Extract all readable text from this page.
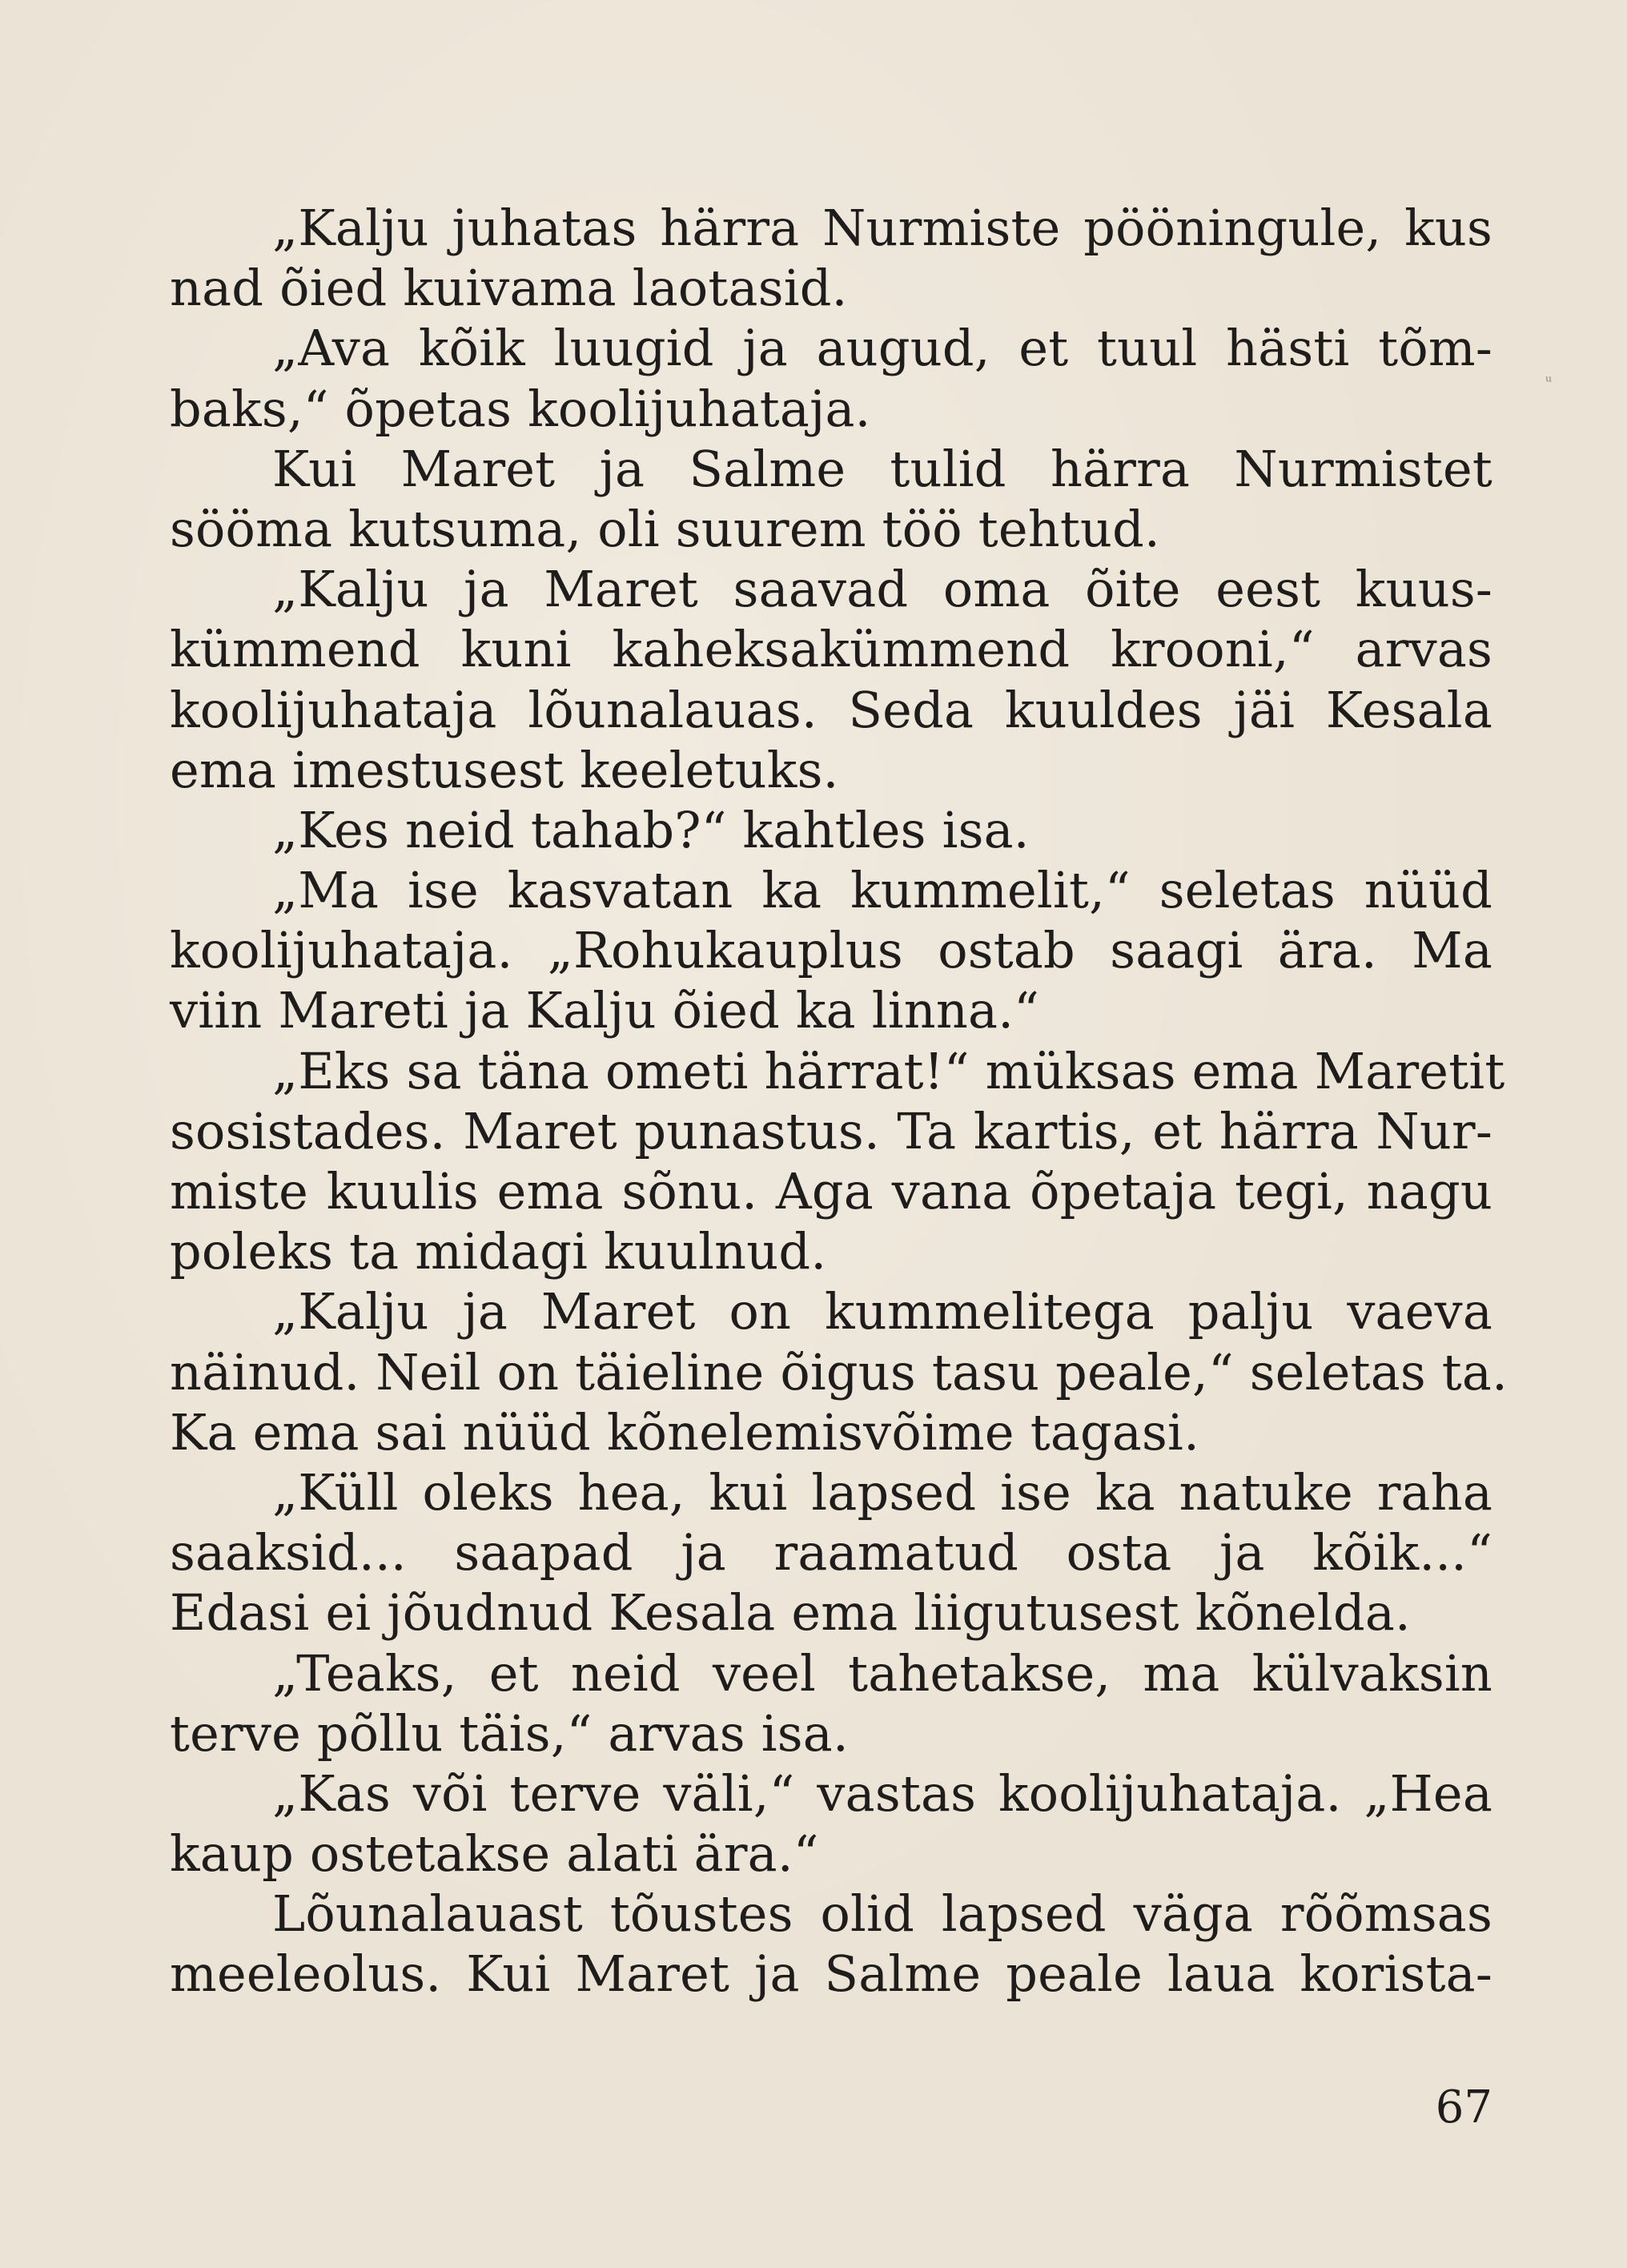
„Kalju juhatas härra Nurmiste pööningule, kus
nad õied kuivama laotasid.
„Ava kõik luugid ja augud, et tuul hästi tõm-
baks,“ õpetas koolijuhataja.
Kui Maret ja Salme tulid härra Nurmistet
sööma kutsuma, oli suurem töö tehtud.
„Kalju ja Maret saavad oma õite eest kuus-
kümmend kuni kaheksakümmend krooni,“ arvas
koolijuhataja lõunalauas. Seda kuuldes jäi Kesala
ema imestusest keeletuks.
„Kes neid tahab?“ kahtles isa.
„Ma ise kasvatan ka kummelit,“ seletas nüüd
koolijuhataja. „Rohukauplus ostab saagi ära. Ma
viin Mareti ja Kalju õied ka linna.“
„Eks sa täna ometi härrat!“ müksas ema Maretit
sosistades. Maret punastus. Ta kartis, et härra Nur-
miste kuulis ema sõnu. Aga vana õpetaja tegi, nagu
poleks ta midagi kuulnud.
„Kalju ja Maret on kummelitega palju vaeva
näinud. Neil on täieline õigus tasu peale,“ seletas ta.
Ka ema sai nüüd kõnelemisvõime tagasi.
„Küll oleks hea, kui lapsed ise ka natuke raha
saaksid... saapad ja raamatud osta ja kõik...“
Edasi ei jõudnud Kesala ema liigutusest kõnelda.
„Teaks, et neid veel tahetakse, ma külvaksin
terve põllu täis,“ arvas isa.
„Kas või terve väli,“ vastas koolijuhataja. „Hea
kaup ostetakse alati ära.“
Lõunalauast tõustes olid lapsed väga rõõmsas
meeleolus. Kui Maret ja Salme peale laua korista-
67
ᵘ
